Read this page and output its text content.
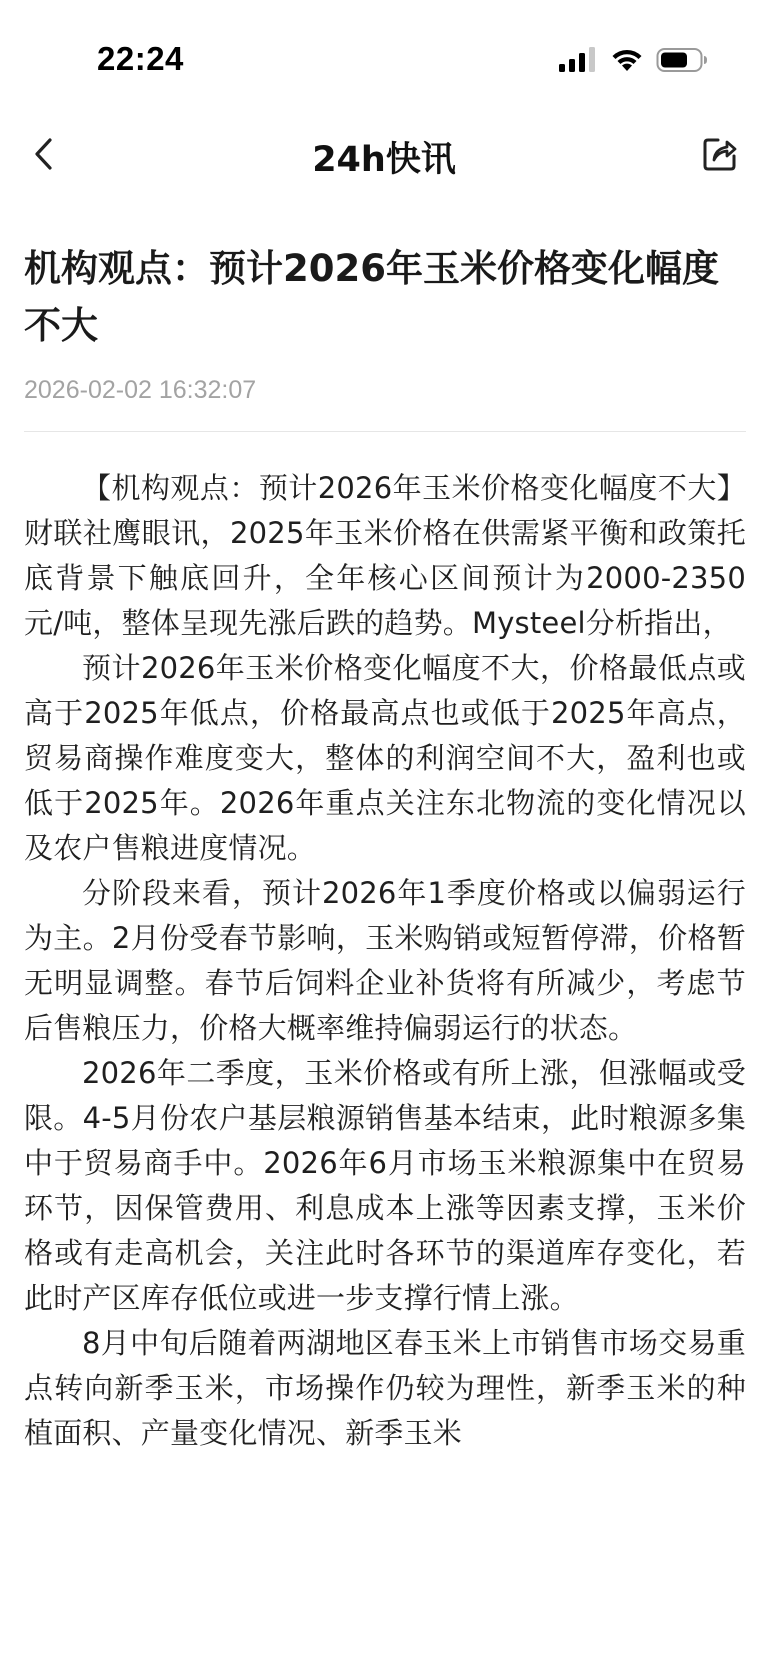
22:24
24h快讯
机构观点：预计2026年玉米价格变化幅度不大
2026-02-02 16:32:07

【机构观点：预计2026年玉米价格变化幅度不大】财联社鹰眼讯，2025年玉米价格在供需紧平衡和政策托底背景下触底回升，全年核心区间预计为2000-2350元/吨，整体呈现先涨后跌的趋势。Mysteel分析指出，

预计2026年玉米价格变化幅度不大，价格最低点或高于2025年低点，价格最高点也或低于2025年高点，贸易商操作难度变大，整体的利润空间不大，盈利也或低于2025年。2026年重点关注东北物流的变化情况以及农户售粮进度情况。

分阶段来看，预计2026年1季度价格或以偏弱运行为主。2月份受春节影响，玉米购销或短暂停滞，价格暂无明显调整。春节后饲料企业补货将有所减少，考虑节后售粮压力，价格大概率维持偏弱运行的状态。

2026年二季度，玉米价格或有所上涨，但涨幅或受限。4-5月份农户基层粮源销售基本结束，此时粮源多集中于贸易商手中。2026年6月市场玉米粮源集中在贸易环节，因保管费用、利息成本上涨等因素支撑，玉米价格或有走高机会，关注此时各环节的渠道库存变化，若此时产区库存低位或进一步支撑行情上涨。

8月中旬后随着两湖地区春玉米上市销售市场交易重点转向新季玉米，市场操作仍较为理性，新季玉米的种植面积、产量变化情况、新季玉米
